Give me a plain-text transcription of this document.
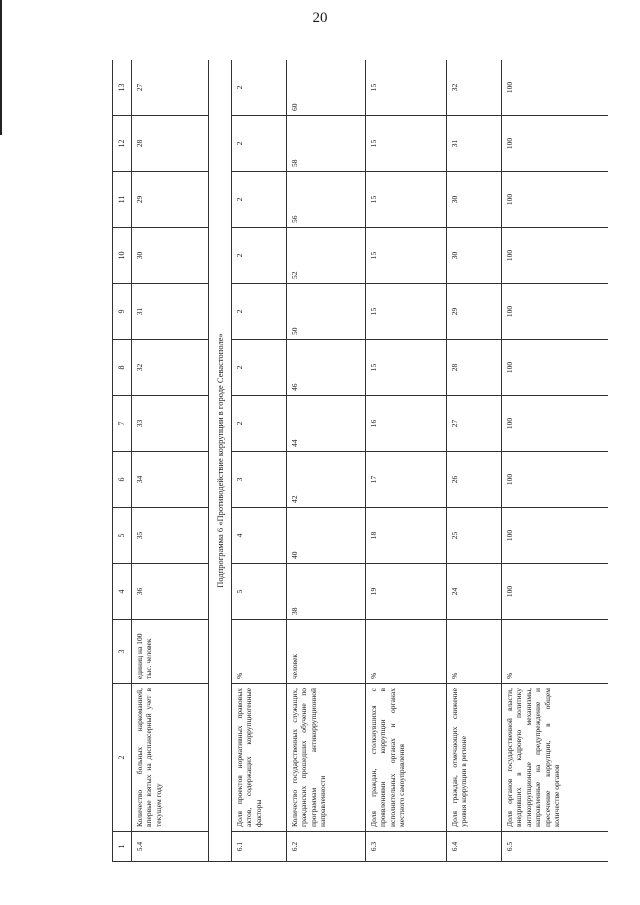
20
1	2	3	4	5	6	7	8	9	10	11	12	13
5.4	Количество больных наркоманией, впервые взятых на диспансерный учет в текущем году	единиц на 100 тыс. человек	36	35	34	33	32	31	30	29	28	27
Подпрограмма 6 «Противодействие коррупции в городе Севастополе»												
6.1	Доля проектов нормативных правовых актов, содержащих коррупциогенные факторы	%	5	4	3	2	2	2	2	2	2	2
6.2	Количество государственных служащих, гражданских прошедших обучение по программам антикоррупционной направленности	человек	38	40	42	44	46	50	52	56	58	60
6.3	Доля граждан, столкнувшихся с проявлениями коррупции в исполнительных органах и органах местного самоуправления	%	19	18	17	16	15	15	15	15	15	15
6.4	Доля граждан, отмечающих снижение уровня коррупции в регионе	%	24	25	26	27	28	29	30	30	31	32
6.5	Доля органов государственной власти, внедривших в кадровую политику антикоррупционные механизмы, направленные на предупреждение и пресечение коррупции, в общем количестве органов	%	100	100	100	100	100	100	100	100	100	100
